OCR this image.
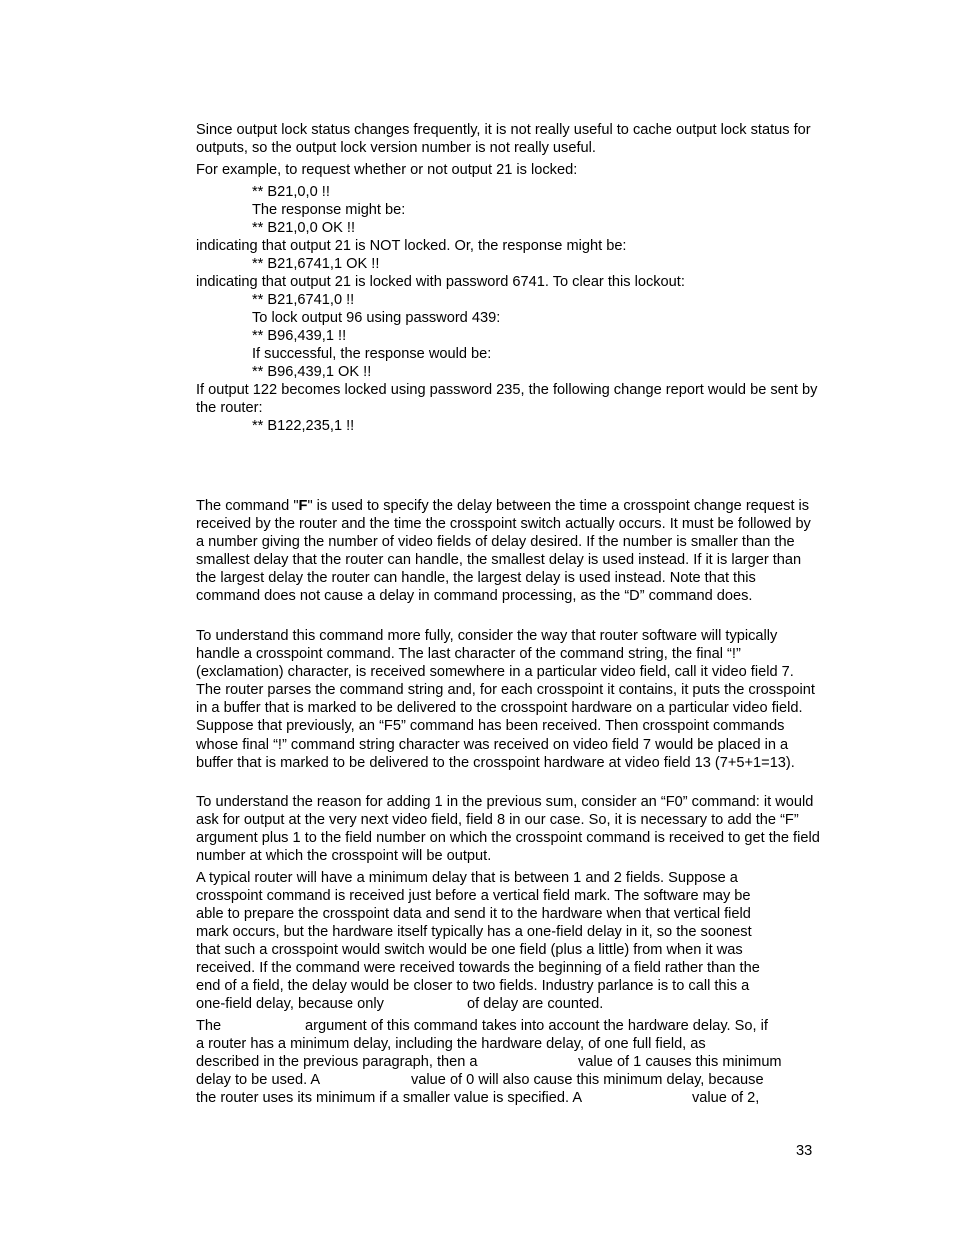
Since output lock status changes frequently, it is not really useful to cache output lock status for outputs, so the output lock version number is not really useful.

For example, to request whether or not output 21 is locked:

** B21,0,0 !!
The response might be:
** B21,0,0 OK !!
indicating that output 21 is NOT locked. Or, the response might be:
** B21,6741,1 OK !!
indicating that output 21 is locked with password 6741. To clear this lockout:
** B21,6741,0 !!
To lock output 96 using password 439:
** B96,439,1 !!
If successful, the response would be:
** B96,439,1 OK !!

If output 122 becomes locked using password 235, the following change report would be sent by the router:

** B122,235,1 !!

The command "F" is used to specify the delay between the time a crosspoint change request is received by the router and the time the crosspoint switch actually occurs. It must be followed by a number giving the number of video fields of delay desired. If the number is smaller than the smallest delay that the router can handle, the smallest delay is used instead. If it is larger than the largest delay the router can handle, the largest delay is used instead. Note that this command does not cause a delay in command processing, as the “D” command does.

To understand this command more fully, consider the way that router software will typically handle a crosspoint command. The last character of the command string, the final “!” (exclamation) character, is received somewhere in a particular video field, call it video field 7. The router parses the command string and, for each crosspoint it contains, it puts the crosspoint in a buffer that is marked to be delivered to the crosspoint hardware on a particular video field. Suppose that previously, an “F5” command has been received. Then crosspoint commands whose final “!” command string character was received on video field 7 would be placed in a buffer that is marked to be delivered to the crosspoint hardware at video field 13 (7+5+1=13).

To understand the reason for adding 1 in the previous sum, consider an “F0” command: it would ask for output at the very next video field, field 8 in our case. So, it is necessary to add the “F” argument plus 1 to the field number on which the crosspoint command is received to get the field number at which the crosspoint will be output.

A typical router will have a minimum delay that is between 1 and 2 fields. Suppose a
crosspoint command is received just before a vertical field mark. The software may be
able to prepare the crosspoint data and send it to the hardware when that vertical field
mark occurs, but the hardware itself typically has a one-field delay in it, so the soonest
that such a crosspoint would switch would be one field (plus a little) from when it was
received. If the command were received towards the beginning of a field rather than the
end of a field, the delay would be closer to two fields. Industry parlance is to call this a
one-field delay, because only	of delay are counted.
The	argument of this command takes into account the hardware delay. So, if
a router has a minimum delay, including the hardware delay, of one full field, as
described in the previous paragraph, then a	value of 1 causes this minimum
delay to be used. A	value of 0 will also cause this minimum delay, because
the router uses its minimum if a smaller value is specified. A	value of 2,
33
